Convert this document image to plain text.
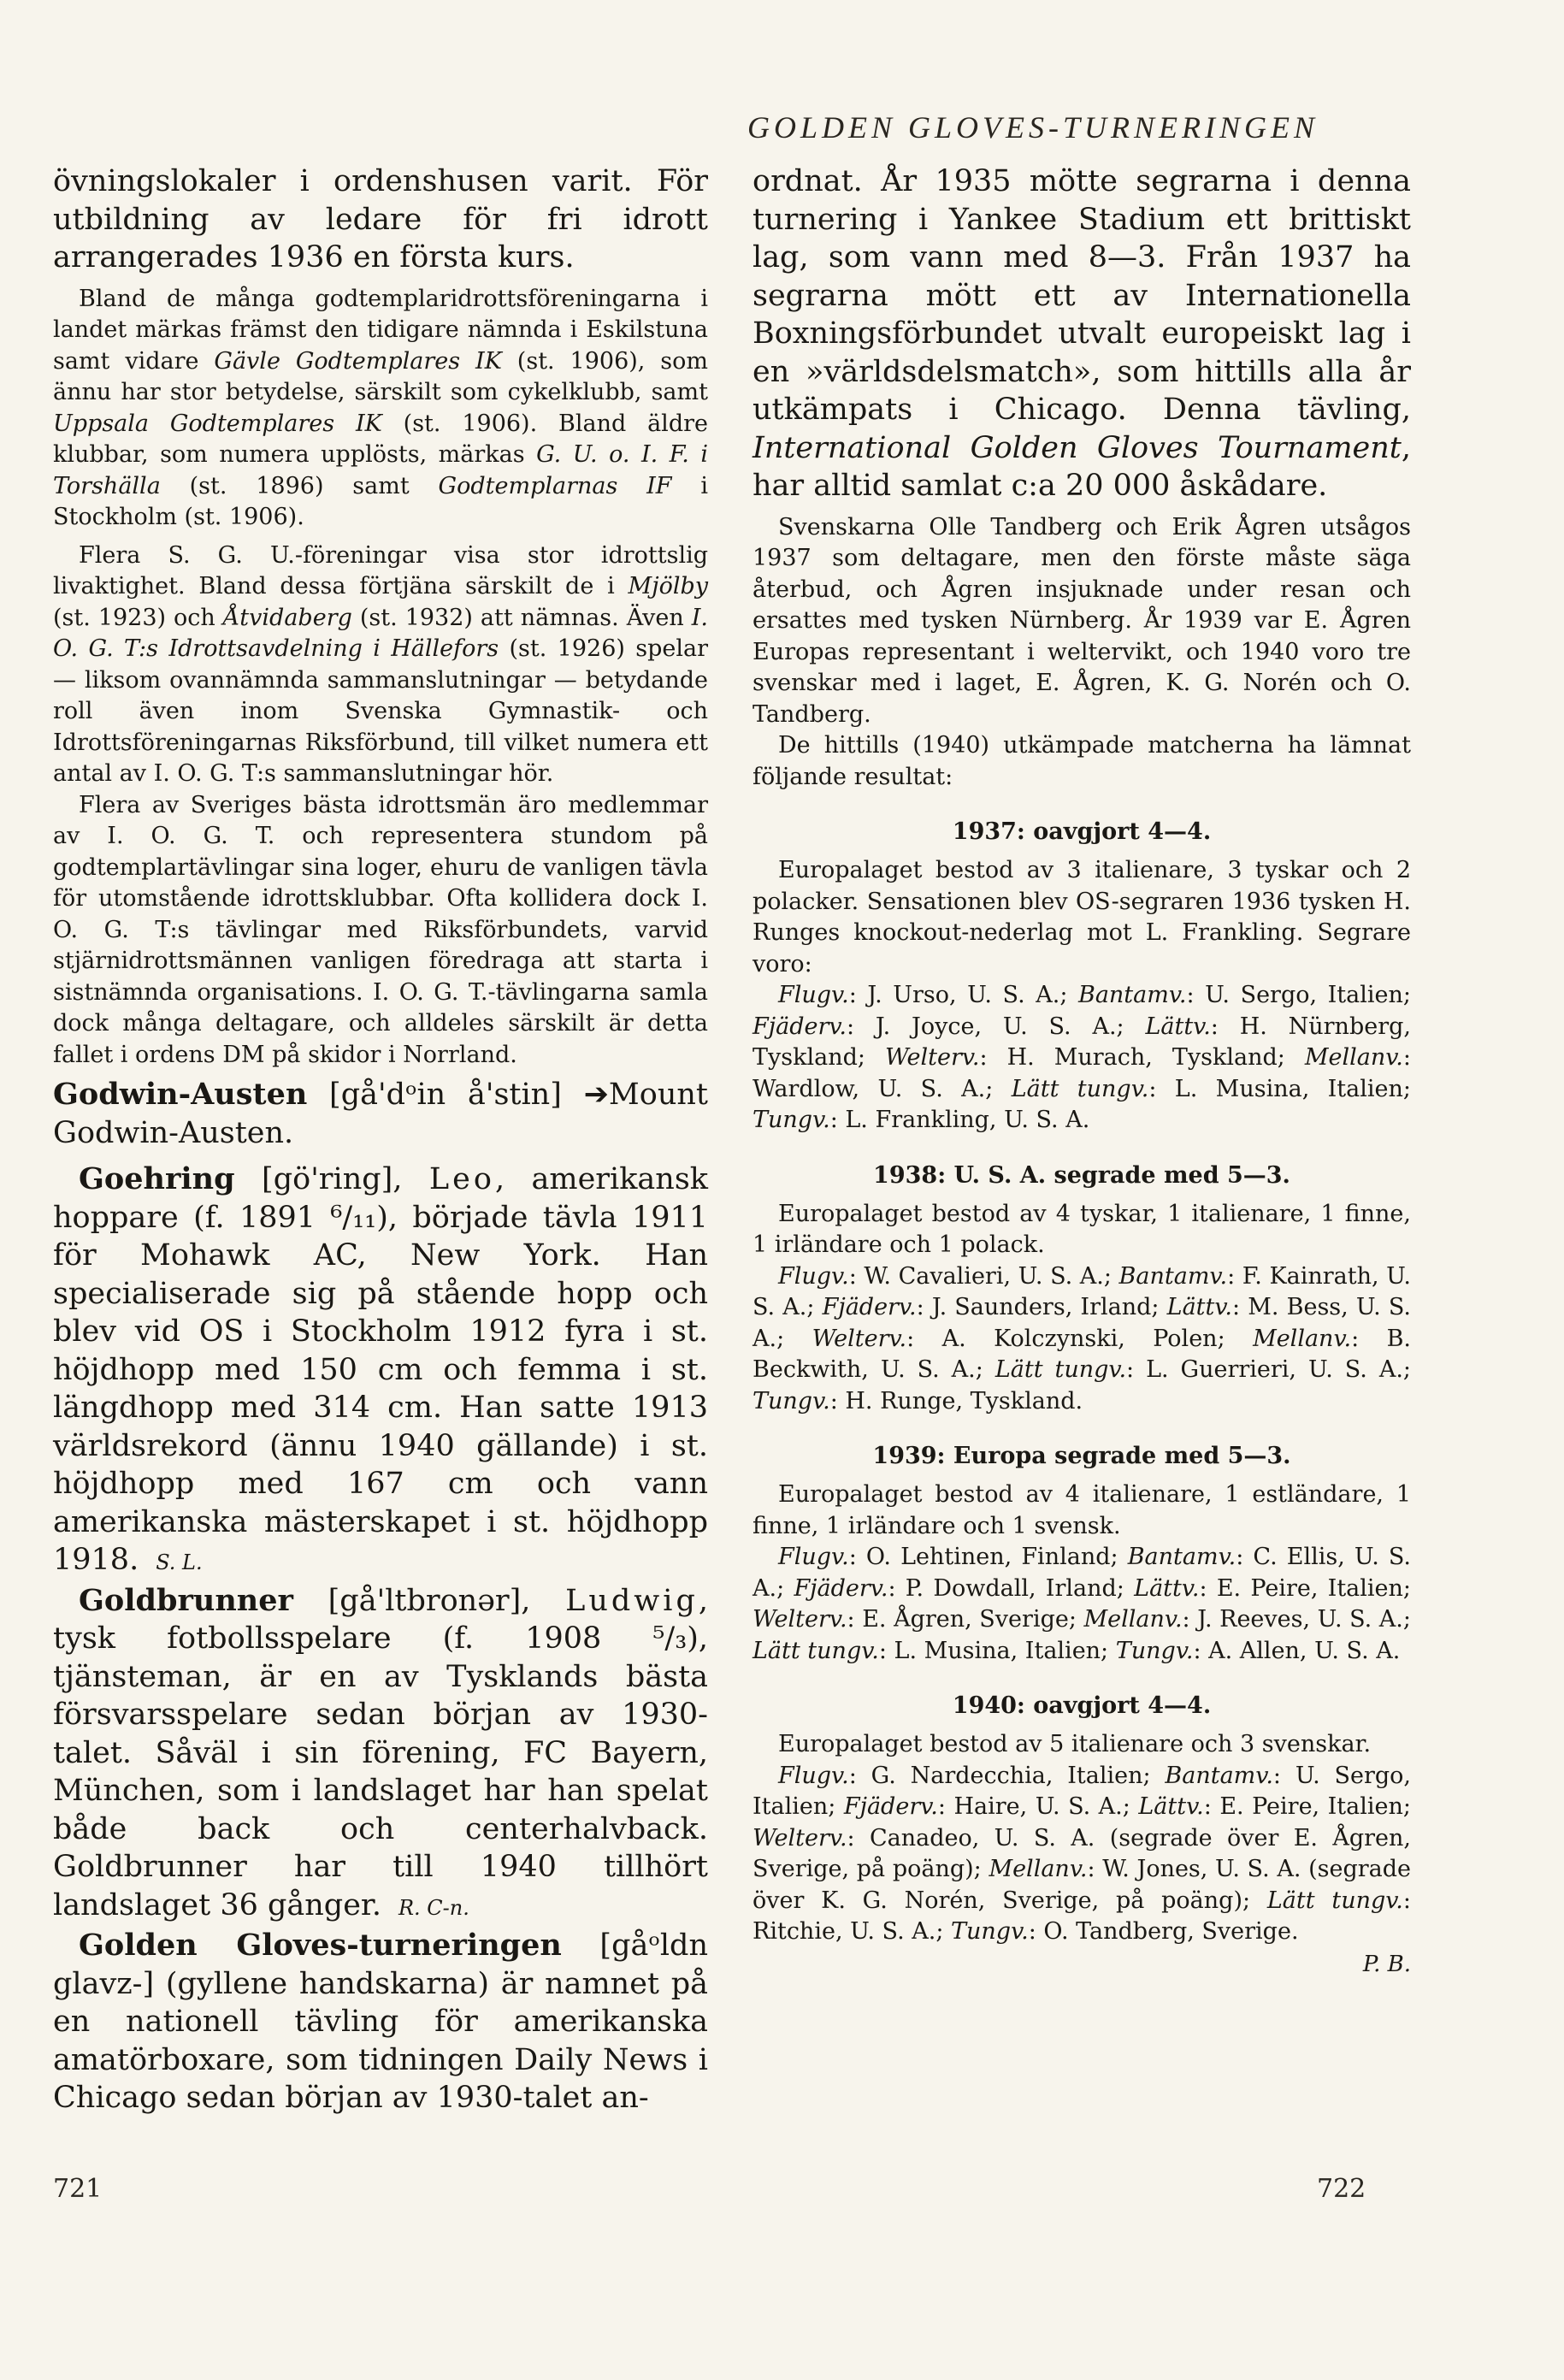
GOLDEN GLOVES-TURNERINGEN

övningslokaler i ordenshusen varit. För utbildning av ledare för fri idrott arrangerades 1936 en första kurs.

Bland de många godtemplaridrottsföreningarna i landet märkas främst den tidigare nämnda i Eskilstuna samt vidare Gävle Godtemplares IK (st. 1906), som ännu har stor betydelse, särskilt som cykelklubb, samt Uppsala Godtemplares IK (st. 1906). Bland äldre klubbar, som numera upplösts, märkas G. U. o. I. F. i Torshälla (st. 1896) samt Godtemplarnas IF i Stockholm (st. 1906).

Flera S. G. U.-föreningar visa stor idrottslig livaktighet. Bland dessa förtjäna särskilt de i Mjölby (st. 1923) och Åtvidaberg (st. 1932) att nämnas. Även I. O. G. T:s Idrottsavdelning i Hällefors (st. 1926) spelar — liksom ovannämnda sammanslutningar — betydande roll även inom Svenska Gymnastik- och Idrottsföreningarnas Riksförbund, till vilket numera ett antal av I. O. G. T:s sammanslutningar hör.

Flera av Sveriges bästa idrottsmän äro medlemmar av I. O. G. T. och representera stundom på godtemplartävlingar sina loger, ehuru de vanligen tävla för utomstående idrottsklubbar. Ofta kollidera dock I. O. G. T:s tävlingar med Riksförbundets, varvid stjärnidrottsmännen vanligen föredraga att starta i sistnämnda organisations. I. O. G. T.-tävlingarna samla dock många deltagare, och alldeles särskilt är detta fallet i ordens DM på skidor i Norrland.

Godwin-Austen [gå'dᵒin å'stin] ➔Mount Godwin-Austen.

Goehring [gö'ring], Leo, amerikansk hoppare (f. 1891 ⁶/₁₁), började tävla 1911 för Mohawk AC, New York. Han specialiserade sig på stående hopp och blev vid OS i Stockholm 1912 fyra i st. höjdhopp med 150 cm och femma i st. längdhopp med 314 cm. Han satte 1913 världsrekord (ännu 1940 gällande) i st. höjdhopp med 167 cm och vann amerikanska mästerskapet i st. höjdhopp 1918. S. L.

Goldbrunner [gå'ltbronər], Ludwig, tysk fotbollsspelare (f. 1908 ⁵/₃), tjänsteman, är en av Tysklands bästa försvarsspelare sedan början av 1930-talet. Såväl i sin förening, FC Bayern, München, som i landslaget har han spelat både back och centerhalvback. Goldbrunner har till 1940 tillhört landslaget 36 gånger. R. C-n.

Golden Gloves-turneringen [gåᵒldn glavz-] (gyllene handskarna) är namnet på en nationell tävling för amerikanska amatörboxare, som tidningen Daily News i Chicago sedan början av 1930-talet an-

721

ordnat. År 1935 mötte segrarna i denna turnering i Yankee Stadium ett brittiskt lag, som vann med 8—3. Från 1937 ha segrarna mött ett av Internationella Boxningsförbundet utvalt europeiskt lag i en »världsdelsmatch», som hittills alla år utkämpats i Chicago. Denna tävling, International Golden Gloves Tournament, har alltid samlat c:a 20 000 åskådare.

Svenskarna Olle Tandberg och Erik Ågren utsågos 1937 som deltagare, men den förste måste säga återbud, och Ågren insjuknade under resan och ersattes med tysken Nürnberg. År 1939 var E. Ågren Europas representant i weltervikt, och 1940 voro tre svenskar med i laget, E. Ågren, K. G. Norén och O. Tandberg.

De hittills (1940) utkämpade matcherna ha lämnat följande resultat:

1937: oavgjort 4—4.

Europalaget bestod av 3 italienare, 3 tyskar och 2 polacker. Sensationen blev OS-segraren 1936 tysken H. Runges knockout-nederlag mot L. Frankling. Segrare voro:

Flugv.: J. Urso, U. S. A.; Bantamv.: U. Sergo, Italien; Fjäderv.: J. Joyce, U. S. A.; Lättv.: H. Nürnberg, Tyskland; Welterv.: H. Murach, Tyskland; Mellanv.: Wardlow, U. S. A.; Lätt tungv.: L. Musina, Italien; Tungv.: L. Frankling, U. S. A.

1938: U. S. A. segrade med 5—3.

Europalaget bestod av 4 tyskar, 1 italienare, 1 finne, 1 irländare och 1 polack.

Flugv.: W. Cavalieri, U. S. A.; Bantamv.: F. Kainrath, U. S. A.; Fjäderv.: J. Saunders, Irland; Lättv.: M. Bess, U. S. A.; Welterv.: A. Kolczynski, Polen; Mellanv.: B. Beckwith, U. S. A.; Lätt tungv.: L. Guerrieri, U. S. A.; Tungv.: H. Runge, Tyskland.

1939: Europa segrade med 5—3.

Europalaget bestod av 4 italienare, 1 estländare, 1 finne, 1 irländare och 1 svensk.

Flugv.: O. Lehtinen, Finland; Bantamv.: C. Ellis, U. S. A.; Fjäderv.: P. Dowdall, Irland; Lättv.: E. Peire, Italien; Welterv.: E. Ågren, Sverige; Mellanv.: J. Reeves, U. S. A.; Lätt tungv.: L. Musina, Italien; Tungv.: A. Allen, U. S. A.

1940: oavgjort 4—4.

Europalaget bestod av 5 italienare och 3 svenskar.

Flugv.: G. Nardecchia, Italien; Bantamv.: U. Sergo, Italien; Fjäderv.: Haire, U. S. A.; Lättv.: E. Peire, Italien; Welterv.: Canadeo, U. S. A. (segrade över E. Ågren, Sverige, på poäng); Mellanv.: W. Jones, U. S. A. (segrade över K. G. Norén, Sverige, på poäng); Lätt tungv.: Ritchie, U. S. A.; Tungv.: O. Tandberg, Sverige.

P. B.

722
